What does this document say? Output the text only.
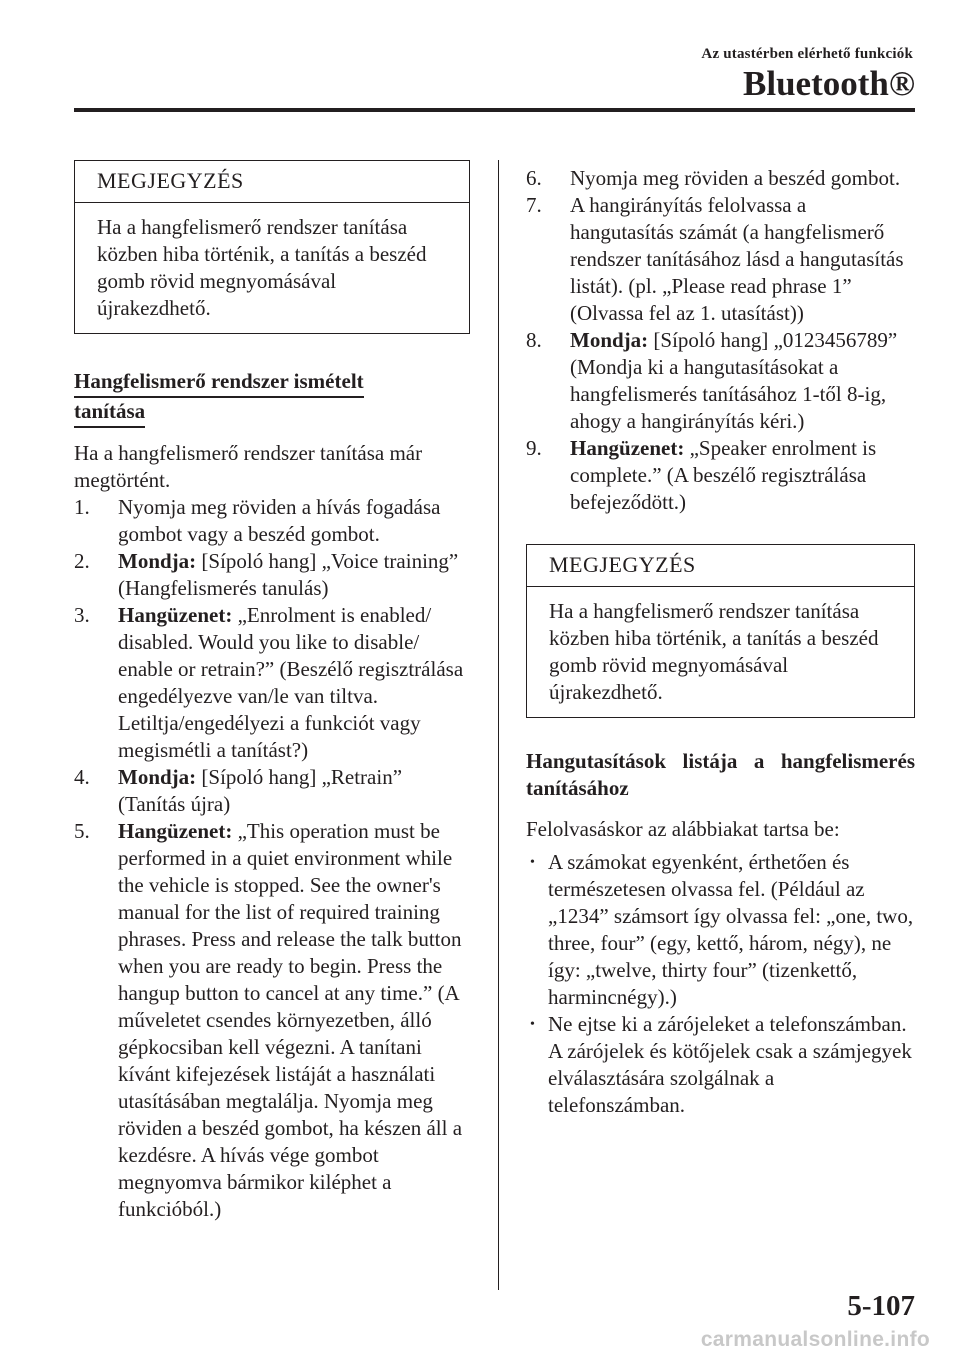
Az utastérben elérhető funkciók
Bluetooth®
MEGJEGYZÉS
Ha a hangfelismerő rendszer tanítása közben hiba történik, a tanítás a beszéd gomb rövid megnyomásával újrakezdhető.
Hangfelismerő rendszer ismételt
tanítása
Ha a hangfelismerő rendszer tanítása már megtörtént.
1. Nyomja meg röviden a hívás fogadása gombot vagy a beszéd gombot.
2. Mondja: [Sípoló hang] „Voice training” (Hangfelismerés tanulás)
3. Hangüzenet: „Enrolment is enabled/ disabled. Would you like to disable/ enable or retrain?” (Beszélő regisztrálása engedélyezve van/le van tiltva. Letiltja/engedélyezi a funkciót vagy megismétli a tanítást?)
4. Mondja: [Sípoló hang] „Retrain” (Tanítás újra)
5. Hangüzenet: „This operation must be performed in a quiet environment while the vehicle is stopped. See the owner's manual for the list of required training phrases. Press and release the talk button when you are ready to begin. Press the hangup button to cancel at any time.” (A műveletet csendes környezetben, álló gépkocsiban kell végezni. A tanítani kívánt kifejezések listáját a használati utasításában megtalálja. Nyomja meg röviden a beszéd gombot, ha készen áll a kezdésre. A hívás vége gombot megnyomva bármikor kiléphet a funkcióból.)
6. Nyomja meg röviden a beszéd gombot.
7. A hangirányítás felolvassa a hangutasítás számát (a hangfelismerő rendszer tanításához lásd a hangutasítás listát). (pl. „Please read phrase 1” (Olvassa fel az 1. utasítást))
8. Mondja: [Sípoló hang] „0123456789” (Mondja ki a hangutasításokat a hangfelismerés tanításához 1-től 8-ig, ahogy a hangirányítás kéri.)
9. Hangüzenet: „Speaker enrolment is complete.” (A beszélő regisztrálása befejeződött.)
MEGJEGYZÉS
Ha a hangfelismerő rendszer tanítása közben hiba történik, a tanítás a beszéd gomb rövid megnyomásával újrakezdhető.
Hangutasítások listája a hangfelismerés tanításához
Felolvasáskor az alábbiakat tartsa be:
• A számokat egyenként, érthetően és természetesen olvassa fel. (Például az „1234” számsort így olvassa fel: „one, two, three, four” (egy, kettő, három, négy), ne így: „twelve, thirty four” (tizenkettő, harmincnégy).)
• Ne ejtse ki a zárójeleket a telefonszámban. A zárójelek és kötőjelek csak a számjegyek elválasztására szolgálnak a telefonszámban.
5-107
carmanualsonline.info
